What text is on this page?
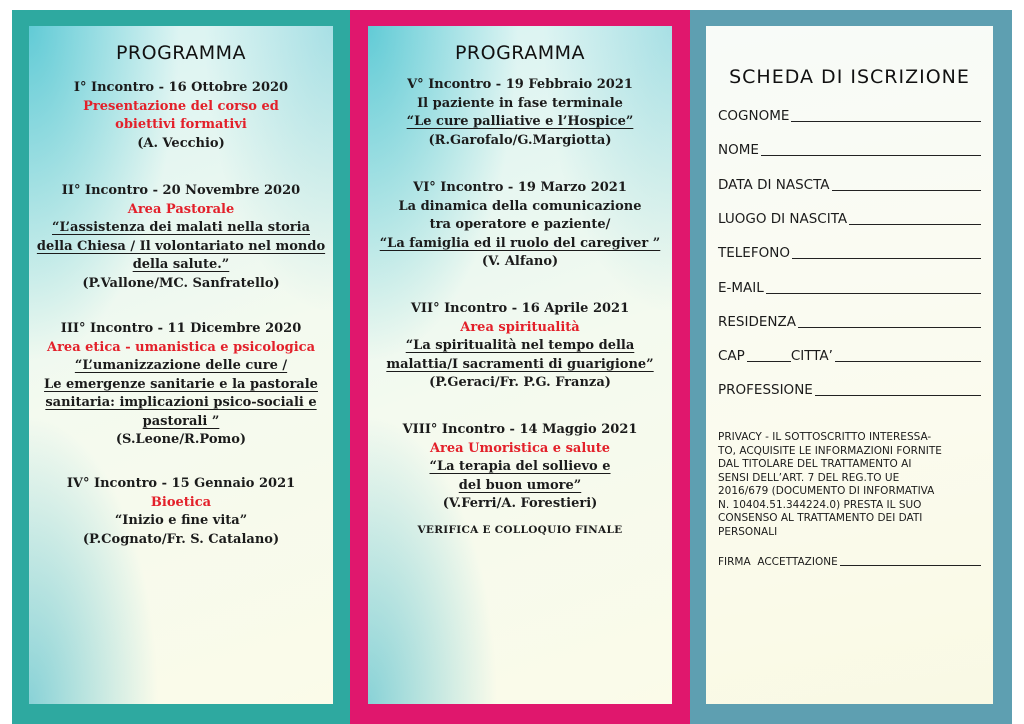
PROGRAMMA
I° Incontro - 16 Ottobre 2020
Presentazione del corso ed
obiettivi formativi
(A. Vecchio)
II° Incontro - 20 Novembre 2020
Area Pastorale
“L’assistenza dei malati nella storia
della Chiesa / Il volontariato nel mondo
della salute.”
(P.Vallone/MC. Sanfratello)
III° Incontro - 11 Dicembre 2020
Area etica - umanistica e psicologica
“L’umanizzazione delle cure /
Le emergenze sanitarie e la pastorale
sanitaria: implicazioni psico-sociali e
pastorali ”
(S.Leone/R.Pomo)
IV° Incontro - 15 Gennaio 2021
Bioetica
“Inizio e fine vita”
(P.Cognato/Fr. S. Catalano)
PROGRAMMA
V° Incontro - 19 Febbraio 2021
Il paziente in fase terminale
“Le cure palliative e l’Hospice”
(R.Garofalo/G.Margiotta)
VI° Incontro - 19 Marzo 2021
La dinamica della comunicazione
tra operatore e paziente/
“La famiglia ed il ruolo del caregiver ”
(V. Alfano)
VII° Incontro - 16 Aprile 2021
Area spiritualità
“La spiritualità nel tempo della
malattia/I sacramenti di guarigione”
(P.Geraci/Fr. P.G. Franza)
VIII° Incontro - 14 Maggio 2021
Area Umoristica e salute
“La terapia del sollievo e
del buon umore”
(V.Ferri/A. Forestieri)
VERIFICA E COLLOQUIO FINALE
SCHEDA DI ISCRIZIONE
COGNOME
NOME
DATA DI NASCTA
LUOGO DI NASCITA
TELEFONO
E-MAIL
RESIDENZA
CAP	CITTA’
PROFESSIONE
PRIVACY - IL SOTTOSCRITTO INTERESSA-
TO, ACQUISITE LE INFORMAZIONI FORNITE
DAL TITOLARE DEL TRATTAMENTO AI
SENSI DELL’ART. 7 DEL REG.TO UE
2016/679 (DOCUMENTO DI INFORMATIVA
N. 10404.51.344224.0) PRESTA IL SUO
CONSENSO AL TRATTAMENTO DEI DATI
PERSONALI
FIRMA  ACCETTAZIONE
